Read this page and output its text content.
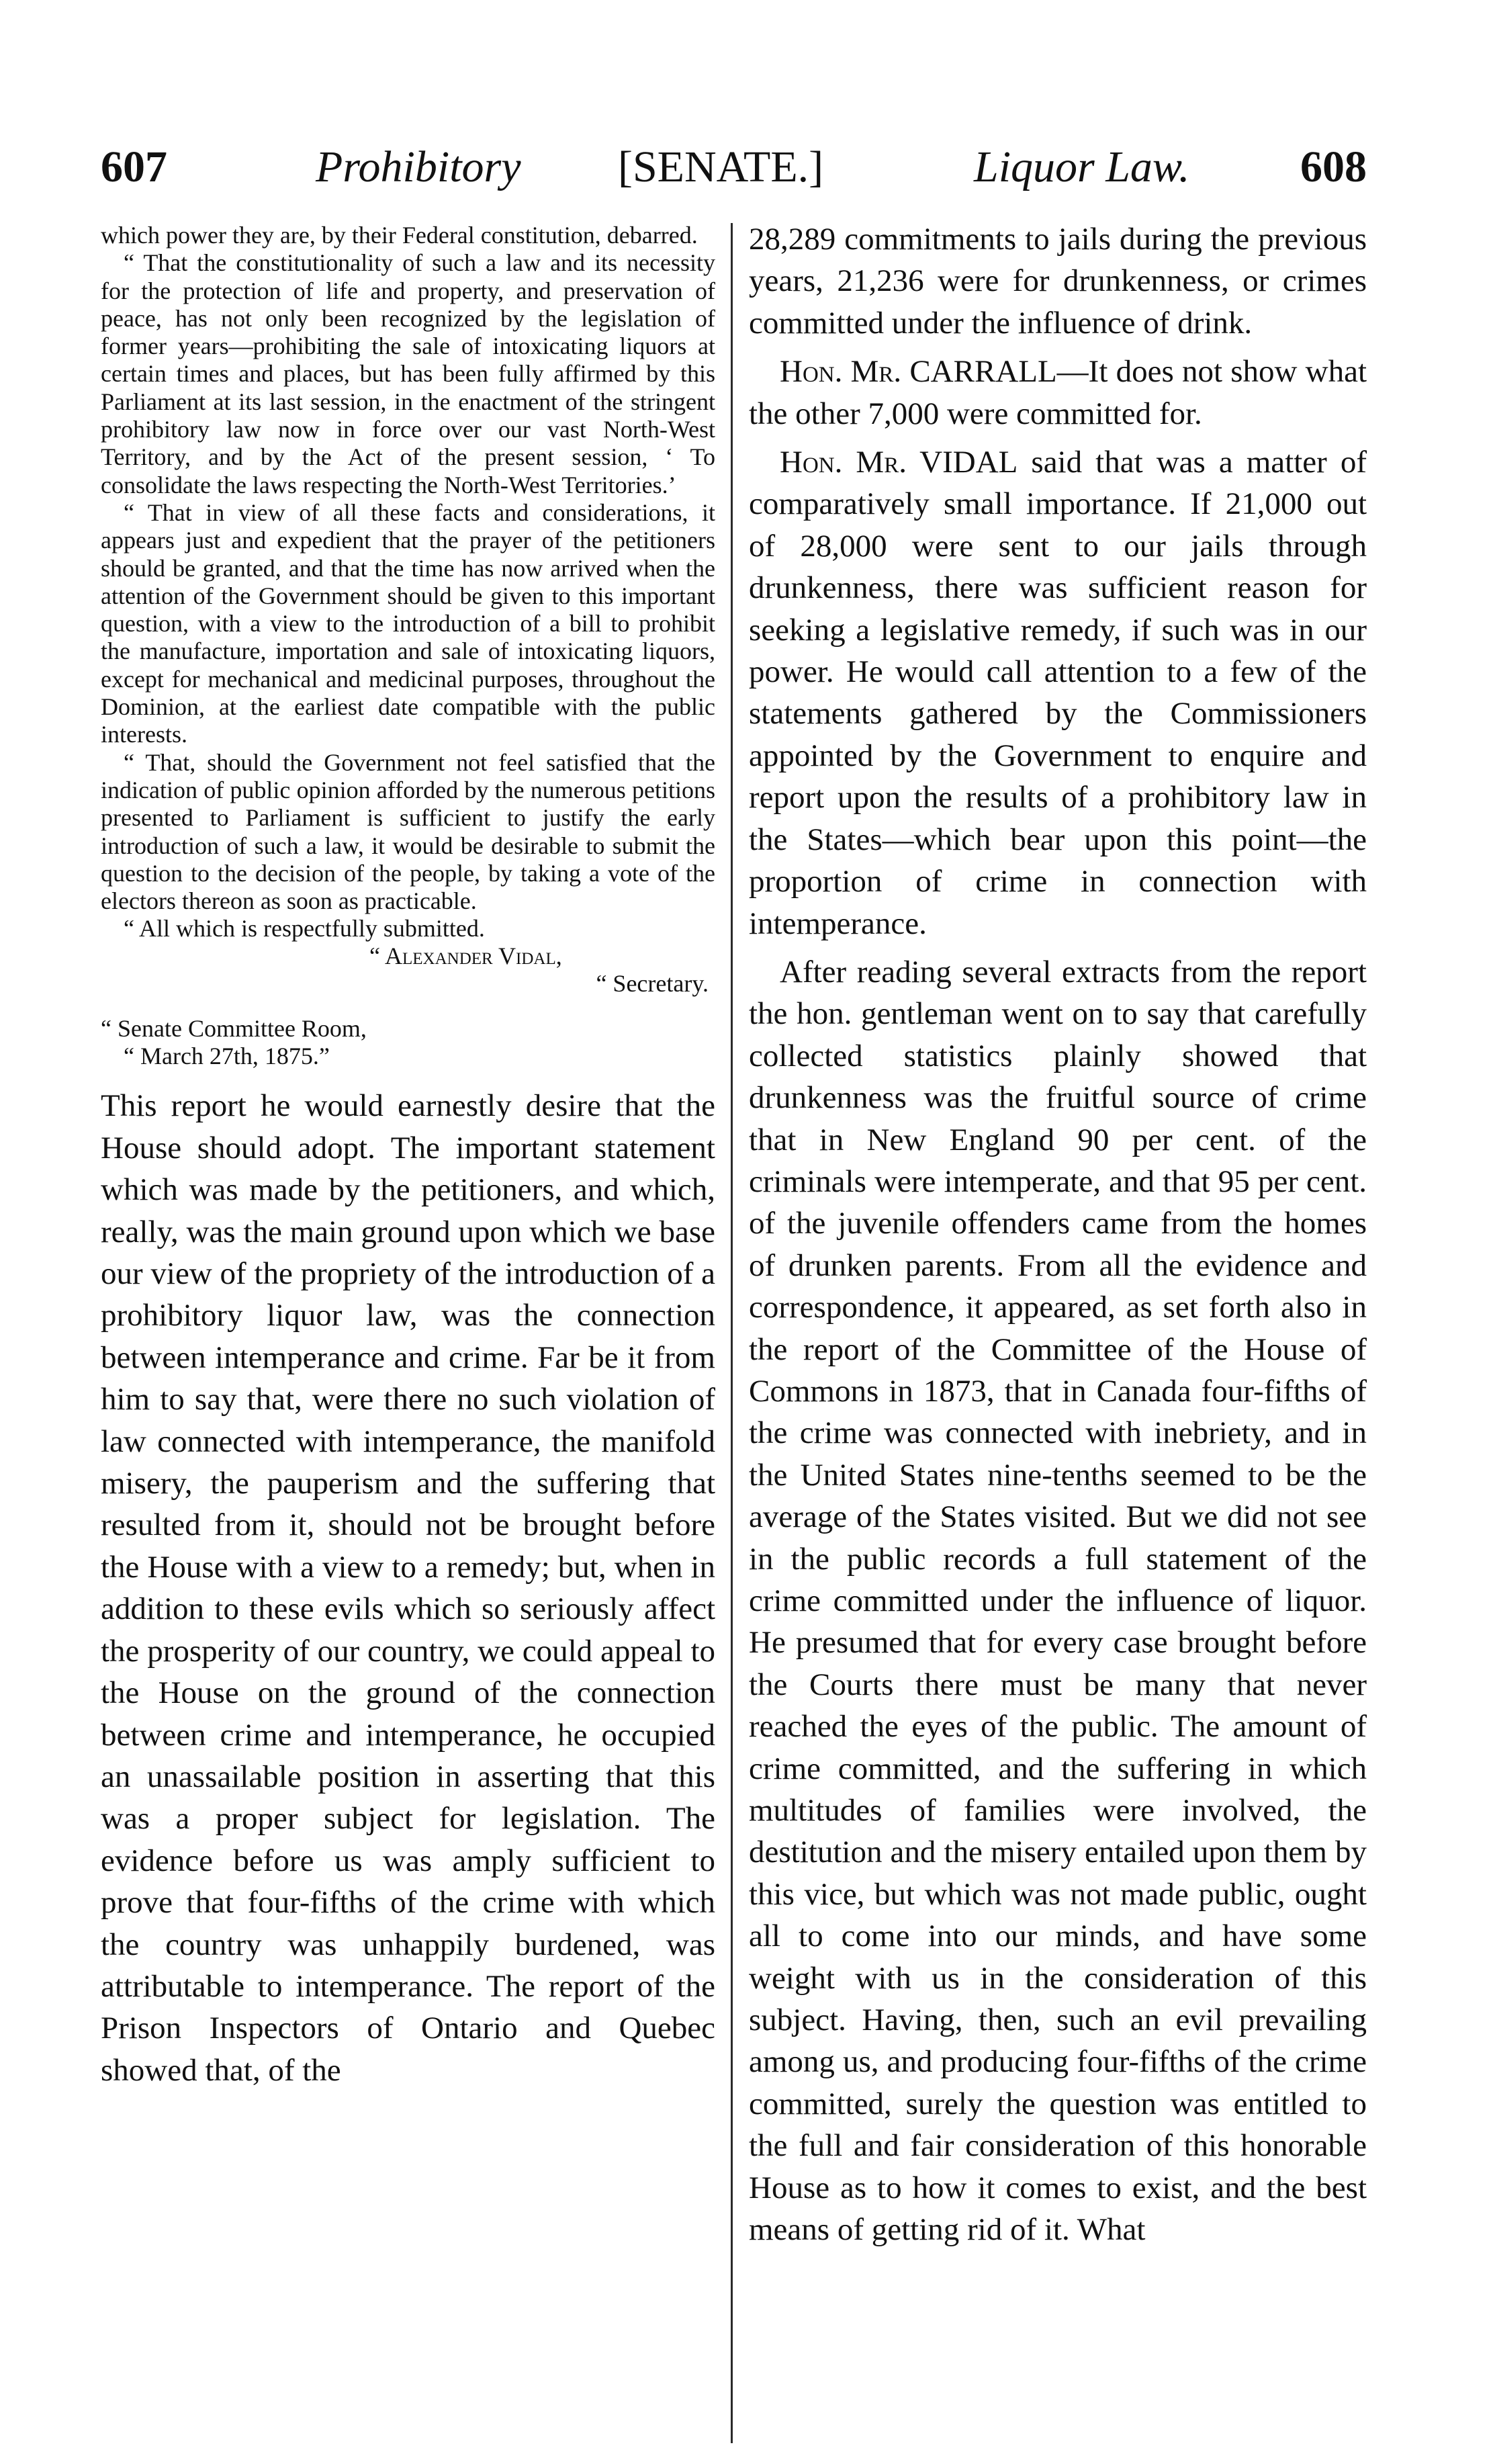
607	Prohibitory [SENATE.]	Liquor Law. 608

which power they are, by their Federal constitution, debarred.

“ That the constitutionality of such a law and its necessity for the protection of life and property, and preservation of peace, has not only been recognized by the legislation of former years—prohibiting the sale of intoxicating liquors at certain times and places, but has been fully affirmed by this Parliament at its last session, in the enactment of the stringent prohibitory law now in force over our vast North-West Territory, and by the Act of the present session, ‘ To consolidate the laws respecting the North-West Territories.’

“ That in view of all these facts and considerations, it appears just and expedient that the prayer of the petitioners should be granted, and that the time has now arrived when the attention of the Government should be given to this important question, with a view to the introduction of a bill to prohibit the manufacture, importation and sale of intoxicating liquors, except for mechanical and medicinal purposes, throughout the Dominion, at the earliest date compatible with the public interests.

“ That, should the Government not feel satisfied that the indication of public opinion afforded by the numerous petitions presented to Parliament is sufficient to justify the early introduction of such a law, it would be desirable to submit the question to the decision of the people, by taking a vote of the electors thereon as soon as practicable.

“ All which is respectfully submitted.
“ Alexander Vidal,
“ Secretary.
“ Senate Committee Room,
“ March 27th, 1875.”

This report he would earnestly desire that the House should adopt. The important statement which was made by the petitioners, and which, really, was the main ground upon which we base our view of the propriety of the introduction of a prohibitory liquor law, was the connection between intemperance and crime. Far be it from him to say that, were there no such violation of law connected with intemperance, the manifold misery, the pauperism and the suffering that resulted from it, should not be brought before the House with a view to a remedy; but, when in addition to these evils which so seriously affect the prosperity of our country, we could appeal to the House on the ground of the connection between crime and intemperance, he occupied an unassailable position in asserting that this was a proper subject for legislation. The evidence before us was amply sufficient to prove that four-fifths of the crime with which the country was unhappily burdened, was attributable to intemperance. The report of the Prison Inspectors of Ontario and Quebec showed that, of the

28,289 commitments to jails during the previous years, 21,236 were for drunkenness, or crimes committed under the influence of drink.

Hon. Mr. CARRALL—It does not show what the other 7,000 were committed for.

Hon. Mr. VIDAL said that was a matter of comparatively small importance. If 21,000 out of 28,000 were sent to our jails through drunkenness, there was sufficient reason for seeking a legislative remedy, if such was in our power. He would call attention to a few of the statements gathered by the Commissioners appointed by the Government to enquire and report upon the results of a prohibitory law in the States—which bear upon this point—the proportion of crime in connection with intemperance.

After reading several extracts from the report the hon. gentleman went on to say that carefully collected statistics plainly showed that drunkenness was the fruitful source of crime that in New England 90 per cent. of the criminals were intemperate, and that 95 per cent. of the juvenile offenders came from the homes of drunken parents. From all the evidence and correspondence, it appeared, as set forth also in the report of the Committee of the House of Commons in 1873, that in Canada four-fifths of the crime was connected with inebriety, and in the United States nine-tenths seemed to be the average of the States visited. But we did not see in the public records a full statement of the crime committed under the influence of liquor. He presumed that for every case brought before the Courts there must be many that never reached the eyes of the public. The amount of crime committed, and the suffering in which multitudes of families were involved, the destitution and the misery entailed upon them by this vice, but which was not made public, ought all to come into our minds, and have some weight with us in the consideration of this subject. Having, then, such an evil prevailing among us, and producing four-fifths of the crime committed, surely the question was entitled to the full and fair consideration of this honorable House as to how it comes to exist, and the best means of getting rid of it. What
